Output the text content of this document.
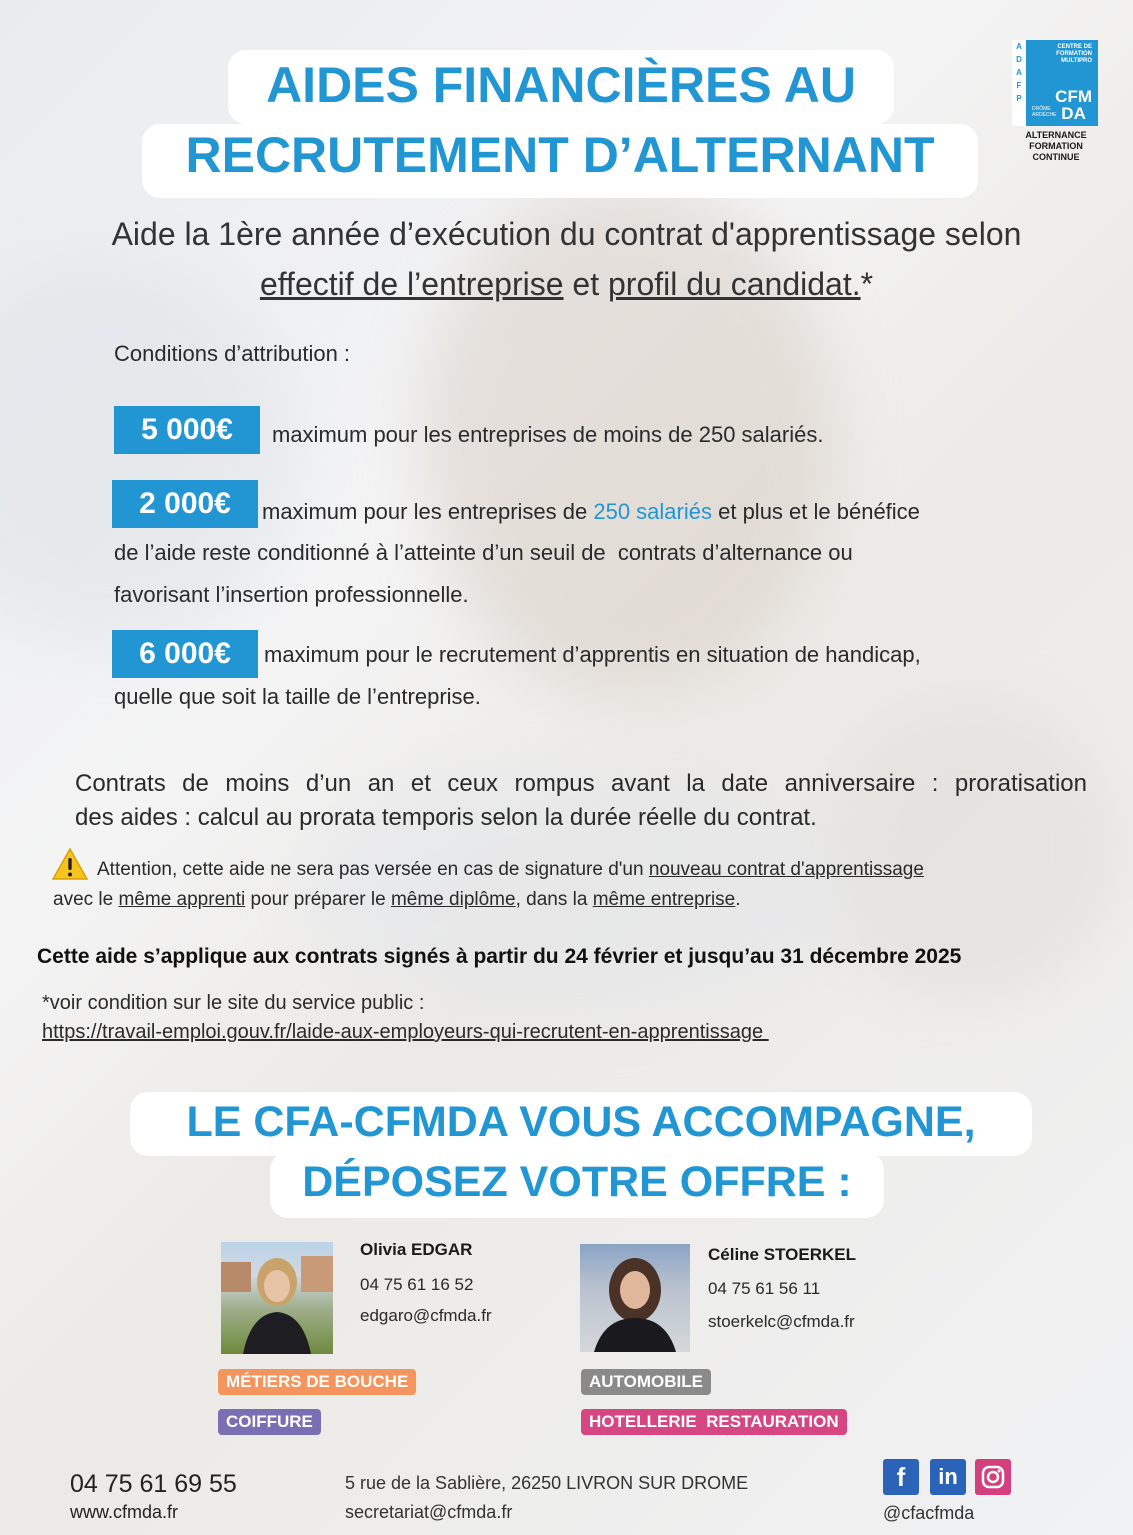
AIDES FINANCIÈRES AU
RECRUTEMENT D’ALTERNANT
A
D
A
F
P
CENTRE DE FORMATION MULTIPRO
DRÔME ARDÈCHE
CFM
DA
ALTERNANCE
FORMATION CONTINUE
Aide la 1ère année d’exécution du contrat d'apprentissage selon
effectif de l’entreprise et profil du candidat.*
Conditions d’attribution :
5 000€	maximum pour les entreprises de moins de 250 salariés.
2 000€	maximum pour les entreprises de 250 salariés et plus et le bénéfice
de l’aide reste conditionné à l’atteinte d’un seuil de  contrats d’alternance ou
favorisant l’insertion professionnelle.
6 000€	maximum pour le recrutement d’apprentis en situation de handicap,
quelle que soit la taille de l’entreprise.
Contrats de moins d’un an et ceux rompus avant la date anniversaire : proratisation
des aides : calcul au prorata temporis selon la durée réelle du contrat.
Attention, cette aide ne sera pas versée en cas de signature d'un nouveau contrat d'apprentissage
avec le même apprenti pour préparer le même diplôme, dans la même entreprise.
Cette aide s’applique aux contrats signés à partir du 24 février et jusqu’au 31 décembre 2025
*voir condition sur le site du service public :
https://travail-emploi.gouv.fr/laide-aux-employeurs-qui-recrutent-en-apprentissage
LE CFA-CFMDA VOUS ACCOMPAGNE,
DÉPOSEZ VOTRE OFFRE :
Olivia EDGAR
04 75 61 16 52
edgaro@cfmda.fr
MÉTIERS DE BOUCHE
COIFFURE
Céline STOERKEL
04 75 61 56 11
stoerkelc@cfmda.fr
AUTOMOBILE
HOTELLERIE  RESTAURATION
04 75 61 69 55
www.cfmda.fr
5 rue de la Sablière, 26250 LIVRON SUR DROME
secretariat@cfmda.fr
f	in
@cfacfmda
